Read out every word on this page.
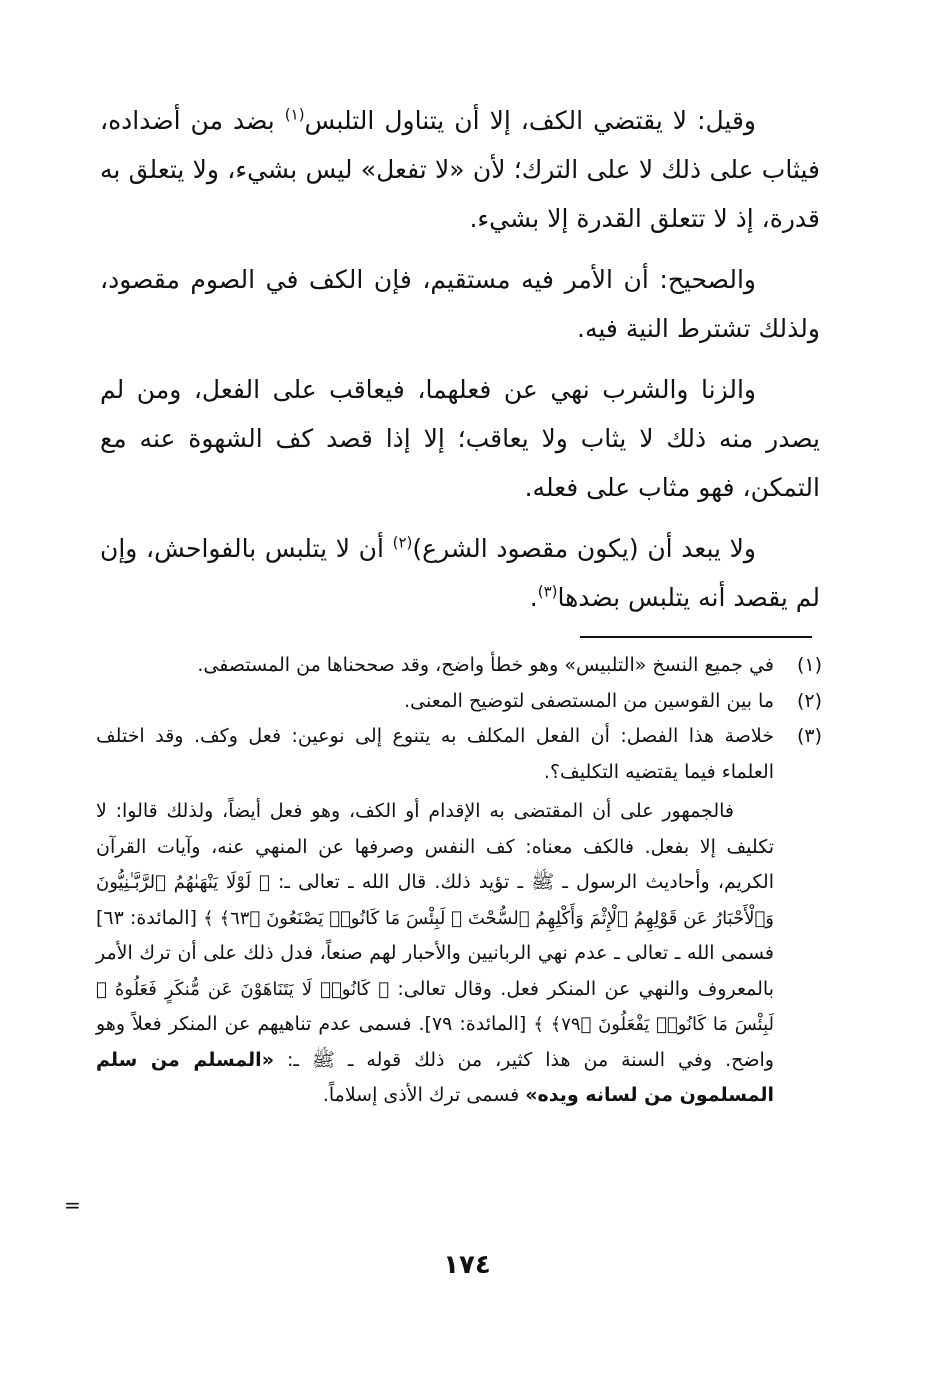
وقيل: لا يقتضي الكف، إلا أن يتناول التلبس$^{(١)}$ بضد من أضداده، فيثاب على ذلك لا على الترك؛ لأن «لا تفعل» ليس بشيء، ولا يتعلق به قدرة، إذ لا تتعلق القدرة إلا بشيء.

والصحيح: أن الأمر فيه مستقيم، فإن الكف في الصوم مقصود، ولذلك تشترط النية فيه.

والزنا والشرب نهي عن فعلهما، فيعاقب على الفعل، ومن لم يصدر منه ذلك لا يثاب ولا يعاقب؛ إلا إذا قصد كف الشهوة عنه مع التمكن، فهو مثاب على فعله.

ولا يبعد أن (يكون مقصود الشرع)$^{(٢)}$ أن لا يتلبس بالفواحش، وإن لم يقصد أنه يتلبس بضدها$^{(٣)}$.

(١)
في جميع النسخ «التلبيس» وهو خطأ واضح، وقد صححناها من المستصفى.
(٢)
ما بين القوسين من المستصفى لتوضيح المعنى.
(٣)
خلاصة هذا الفصل: أن الفعل المكلف به يتنوع إلى نوعين: فعل وكف. وقد اختلف العلماء فيما يقتضيه التكليف؟.

فالجمهور على أن المقتضى به الإقدام أو الكف، وهو فعل أيضاً، ولذلك قالوا: لا تكليف إلا بفعل. فالكف معناه: كف النفس وصرفها عن المنهي عنه، وآيات القرآن الكريم، وأحاديث الرسول ـ ﷺ ـ تؤيد ذلك. قال الله ـ تعالى ـ: ﴿ لَوْلَا يَنْهَىٰهُمُ ٱلرَّبَّـٰنِيُّونَ وَٱلْأَحْبَارُ عَن قَوْلِهِمُ ٱلْإِثْمَ وَأَكْلِهِمُ ٱلسُّحْتَ ۚ لَبِئْسَ مَا كَانُوا۟ يَصْنَعُونَ ﴿٦٣﴾ ﴾ [المائدة: ٦٣] فسمى الله ـ تعالى ـ عدم نهي الربانيين والأحبار لهم صنعاً، فدل ذلك على أن ترك الأمر بالمعروف والنهي عن المنكر فعل. وقال تعالى: ﴿ كَانُوا۟ لَا يَتَنَاهَوْنَ عَن مُّنكَرٍ فَعَلُوهُ ۚ لَبِئْسَ مَا كَانُوا۟ يَفْعَلُونَ ﴿٧٩﴾ ﴾ [المائدة: ٧٩]. فسمى عدم تناهيهم عن المنكر فعلاً وهو واضح. وفي السنة من هذا كثير، من ذلك قوله ـ ﷺ ـ: «المسلم من سلم المسلمون من لسانه ويده» فسمى ترك الأذى إسلاماً.

=
١٧٤
